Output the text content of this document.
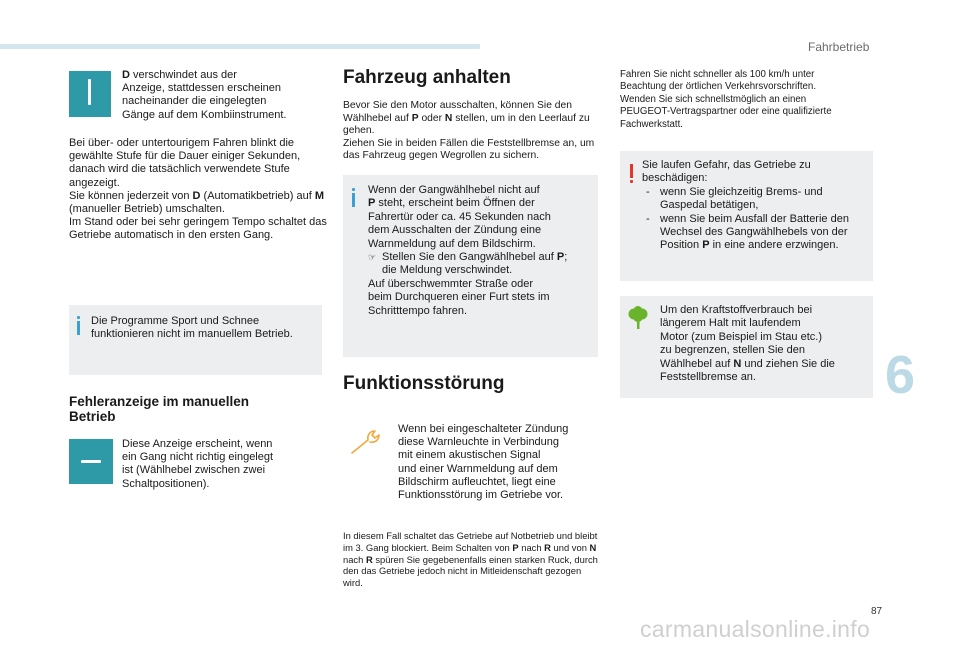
Fahrbetrieb
D verschwindet aus der
Anzeige, stattdessen erscheinen
nacheinander die eingelegten
Gänge auf dem Kombiinstrument.
Bei über- oder untertourigem Fahren blinkt die gewählte Stufe für die Dauer einiger Sekunden, danach wird die tatsächlich verwendete Stufe angezeigt.
Sie können jederzeit von D (Automatikbetrieb) auf M (manueller Betrieb) umschalten.
Im Stand oder bei sehr geringem Tempo schaltet das Getriebe automatisch in den ersten Gang.
Die Programme Sport und Schnee funktionieren nicht im manuellem Betrieb.
Fehleranzeige im manuellen
Betrieb
Diese Anzeige erscheint, wenn
ein Gang nicht richtig eingelegt
ist (Wählhebel zwischen zwei
Schaltpositionen).
Fahrzeug anhalten
Bevor Sie den Motor ausschalten, können Sie den Wählhebel auf P oder N stellen, um in den Leerlauf zu gehen.
Ziehen Sie in beiden Fällen die Feststellbremse an, um das Fahrzeug gegen Wegrollen zu sichern.
Wenn der Gangwählhebel nicht auf
P steht, erscheint beim Öffnen der
Fahrertür oder ca. 45 Sekunden nach
dem Ausschalten der Zündung eine
Warnmeldung auf dem Bildschirm.
☞ Stellen Sie den Gangwählhebel auf P;
die Meldung verschwindet.
Auf überschwemmter Straße oder
beim Durchqueren einer Furt stets im
Schritttempo fahren.
Funktionsstörung
Wenn bei eingeschalteter Zündung
diese Warnleuchte in Verbindung
mit einem akustischen Signal
und einer Warnmeldung auf dem
Bildschirm aufleuchtet, liegt eine
Funktionsstörung im Getriebe vor.
In diesem Fall schaltet das Getriebe auf Notbetrieb und bleibt im 3. Gang blockiert. Beim Schalten von P nach R und von N nach R spüren Sie gegebenenfalls einen starken Ruck, durch den das Getriebe jedoch nicht in Mitleidenschaft gezogen wird.
Fahren Sie nicht schneller als 100 km/h unter
Beachtung der örtlichen Verkehrsvorschriften.
Wenden Sie sich schnellstmöglich an einen
PEUGEOT-Vertragspartner oder eine qualifizierte
Fachwerkstatt.
Sie laufen Gefahr, das Getriebe zu
beschädigen:
- wenn Sie gleichzeitig Brems- und
Gaspedal betätigen,
- wenn Sie beim Ausfall der Batterie den
Wechsel des Gangwählhebels von der
Position P in eine andere erzwingen.
Um den Kraftstoffverbrauch bei
längerem Halt mit laufendem
Motor (zum Beispiel im Stau etc.)
zu begrenzen, stellen Sie den
Wählhebel auf N und ziehen Sie die
Feststellbremse an.	6
87
carmanualsonline.info
